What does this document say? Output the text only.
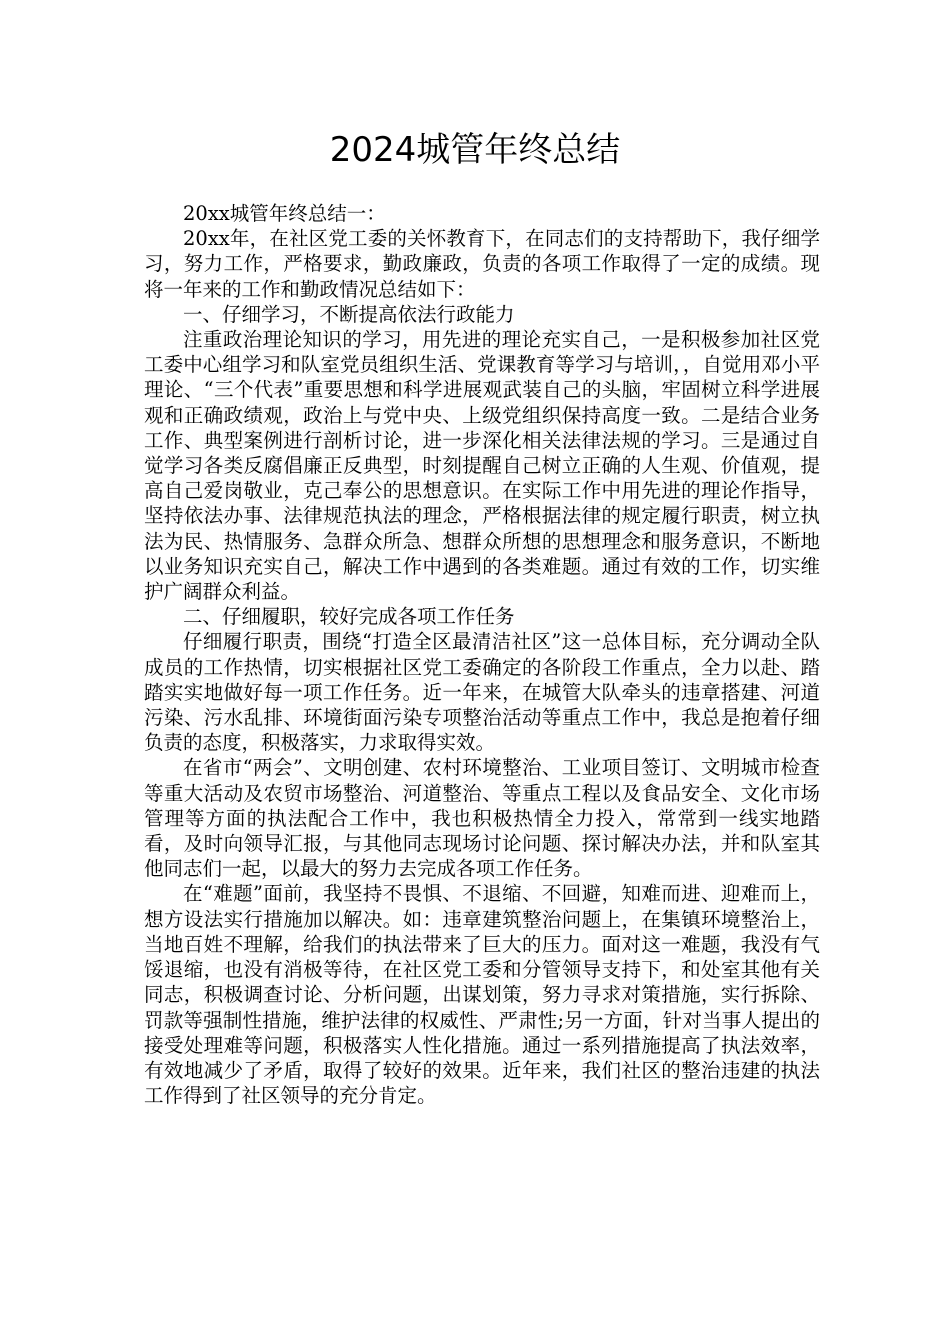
2024城管年终总结

20xx城管年终总结一：

20xx年，在社区党工委的关怀教育下，在同志们的支持帮助下，我仔细学习，努力工作，严格要求，勤政廉政，负责的各项工作取得了一定的成绩。现将一年来的工作和勤政情况总结如下：

一、仔细学习，不断提高依法行政能力

注重政治理论知识的学习，用先进的理论充实自己，一是积极参加社区党工委中心组学习和队室党员组织生活、党课教育等学习与培训，，自觉用邓小平理论、“三个代表”重要思想和科学进展观武装自己的头脑，牢固树立科学进展观和正确政绩观，政治上与党中央、上级党组织保持高度一致。二是结合业务工作、典型案例进行剖析讨论，进一步深化相关法律法规的学习。三是通过自觉学习各类反腐倡廉正反典型，时刻提醒自己树立正确的人生观、价值观，提高自己爱岗敬业，克己奉公的思想意识。在实际工作中用先进的理论作指导，坚持依法办事、法律规范执法的理念，严格根据法律的规定履行职责，树立执法为民、热情服务、急群众所急、想群众所想的思想理念和服务意识，不断地以业务知识充实自己，解决工作中遇到的各类难题。通过有效的工作，切实维护广阔群众利益。

二、仔细履职，较好完成各项工作任务

仔细履行职责，围绕“打造全区最清洁社区”这一总体目标，充分调动全队成员的工作热情，切实根据社区党工委确定的各阶段工作重点，全力以赴、踏踏实实地做好每一项工作任务。近一年来，在城管大队牵头的违章搭建、河道污染、污水乱排、环境街面污染专项整治活动等重点工作中，我总是抱着仔细负责的态度，积极落实，力求取得实效。

在省市“两会”、文明创建、农村环境整治、工业项目签订、文明城市检查等重大活动及农贸市场整治、河道整治、等重点工程以及食品安全、文化市场管理等方面的执法配合工作中，我也积极热情全力投入，常常到一线实地踏看，及时向领导汇报，与其他同志现场讨论问题、探讨解决办法，并和队室其他同志们一起，以最大的努力去完成各项工作任务。

在“难题”面前，我坚持不畏惧、不退缩、不回避，知难而进、迎难而上，想方设法实行措施加以解决。如：违章建筑整治问题上，在集镇环境整治上，当地百姓不理解，给我们的执法带来了巨大的压力。面对这一难题，我没有气馁退缩，也没有消极等待，在社区党工委和分管领导支持下，和处室其他有关同志，积极调查讨论、分析问题，出谋划策，努力寻求对策措施，实行拆除、罚款等强制性措施，维护法律的权威性、严肃性;另一方面，针对当事人提出的接受处理难等问题，积极落实人性化措施。通过一系列措施提高了执法效率，有效地减少了矛盾，取得了较好的效果。近年来，我们社区的整治违建的执法工作得到了社区领导的充分肯定。
